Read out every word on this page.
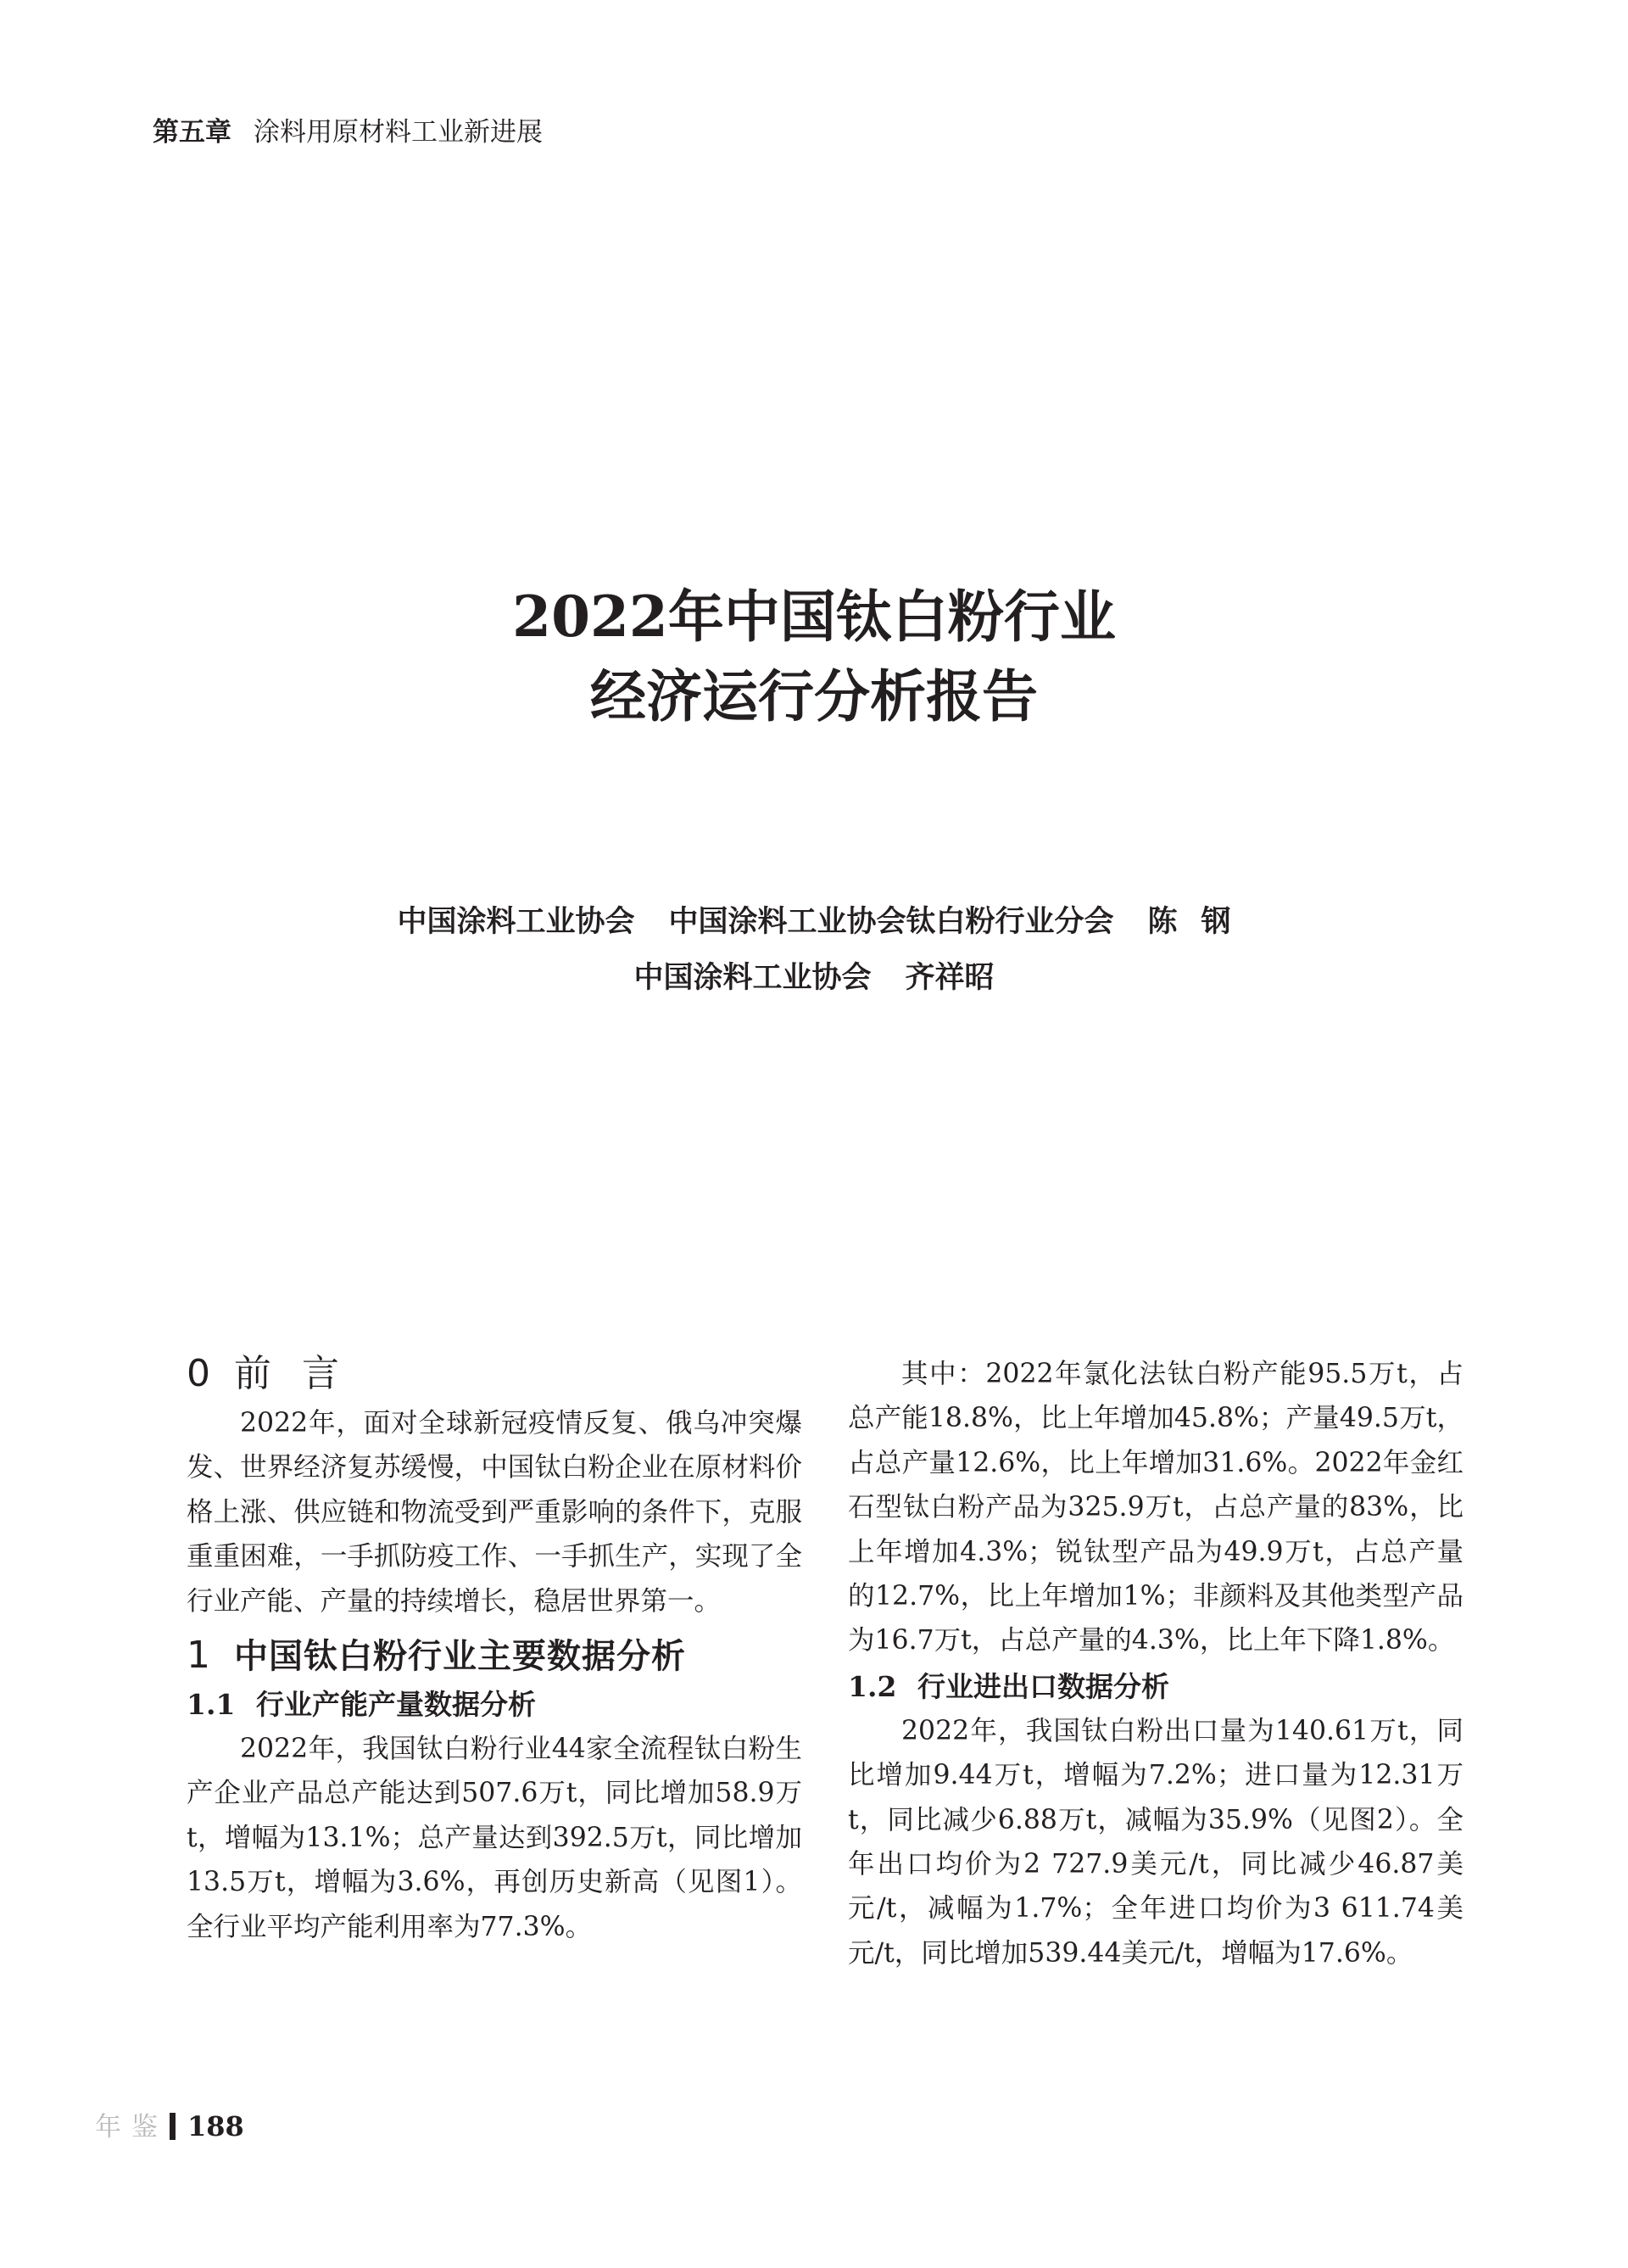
第五章 涂料用原材料工业新进展
2022年中国钛白粉行业
经济运行分析报告
中国涂料工业协会 中国涂料工业协会钛白粉行业分会 陈 钢
中国涂料工业协会 齐祥昭
0 前言

2022年，面对全球新冠疫情反复、俄乌冲突爆发、世界经济复苏缓慢，中国钛白粉企业在原材料价格上涨、供应链和物流受到严重影响的条件下，克服重重困难，一手抓防疫工作、一手抓生产，实现了全行业产能、产量的持续增长，稳居世界第一。

1 中国钛白粉行业主要数据分析
1.1 行业产能产量数据分析

2022年，我国钛白粉行业44家全流程钛白粉生产企业产品总产能达到507.6万t，同比增加58.9万t，增幅为13.1%；总产量达到392.5万t，同比增加13.5万t，增幅为3.6%，再创历史新高（见图1）。全行业平均产能利用率为77.3%。

其中：2022年氯化法钛白粉产能95.5万t，占总产能18.8%，比上年增加45.8%；产量49.5万t，占总产量12.6%，比上年增加31.6%。2022年金红石型钛白粉产品为325.9万t，占总产量的83%，比上年增加4.3%；锐钛型产品为49.9万t，占总产量的12.7%，比上年增加1%；非颜料及其他类型产品为16.7万t，占总产量的4.3%，比上年下降1.8%。

1.2 行业进出口数据分析

2022年，我国钛白粉出口量为140.61万t，同比增加9.44万t，增幅为7.2%；进口量为12.31万t，同比减少6.88万t，减幅为35.9%（见图2）。全年出口均价为2 727.9美元/t，同比减少46.87美元/t，减幅为1.7%；全年进口均价为3 611.74美元/t，同比增加539.44美元/t，增幅为17.6%。

年鉴 188
